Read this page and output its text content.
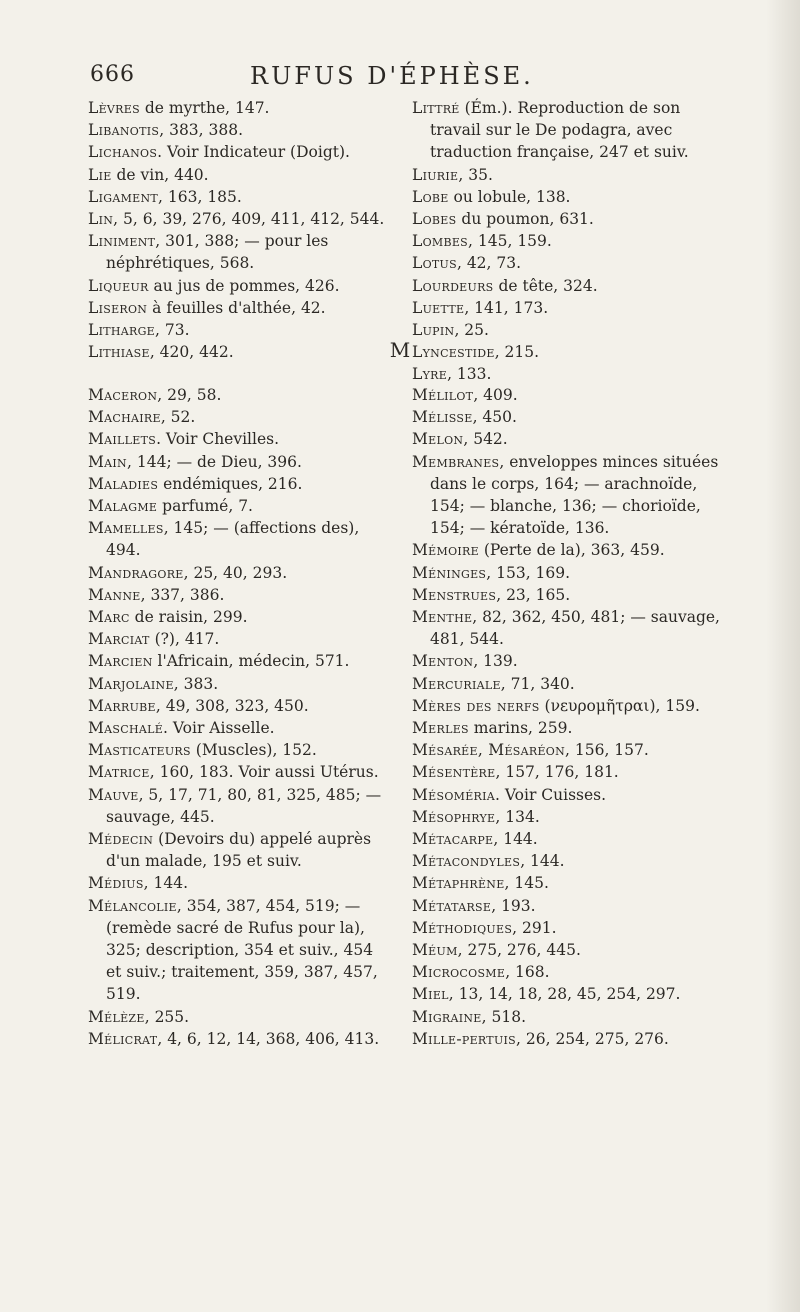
666	RUFUS D'ÉPHÈSE.

Lèvres de myrthe, 147.

Libanotis, 383, 388.

Lichanos. Voir Indicateur (Doigt).

Lie de vin, 440.

Ligament, 163, 185.

Lin, 5, 6, 39, 276, 409, 411, 412, 544.

Liniment, 301, 388; — pour les néphrétiques, 568.

Liqueur au jus de pommes, 426.

Liseron à feuilles d'althée, 42.

Litharge, 73.

Lithiase, 420, 442.

Littré (Ém.). Reproduction de son travail sur le De podagra, avec traduction française, 247 et suiv.

Liurie, 35.

Lobe ou lobule, 138.

Lobes du poumon, 631.

Lombes, 145, 159.

Lotus, 42, 73.

Lourdeurs de tête, 324.

Luette, 141, 173.

Lupin, 25.

Lyncestide, 215.

Lyre, 133.

M

Maceron, 29, 58.

Machaire, 52.

Maillets. Voir Chevilles.

Main, 144; — de Dieu, 396.

Maladies endémiques, 216.

Malagme parfumé, 7.

Mamelles, 145; — (affections des), 494.

Mandragore, 25, 40, 293.

Manne, 337, 386.

Marc de raisin, 299.

Marciat (?), 417.

Marcien l'Africain, médecin, 571.

Marjolaine, 383.

Marrube, 49, 308, 323, 450.

Maschalé. Voir Aisselle.

Masticateurs (Muscles), 152.

Matrice, 160, 183. Voir aussi Utérus.

Mauve, 5, 17, 71, 80, 81, 325, 485; — sauvage, 445.

Médecin (Devoirs du) appelé auprès d'un malade, 195 et suiv.

Médius, 144.

Mélancolie, 354, 387, 454, 519; — (remède sacré de Rufus pour la), 325; description, 354 et suiv., 454 et suiv.; traitement, 359, 387, 457, 519.

Mélèze, 255.

Mélicrat, 4, 6, 12, 14, 368, 406, 413.

Mélilot, 409.

Mélisse, 450.

Melon, 542.

Membranes, enveloppes minces situées dans le corps, 164; — arachnoïde, 154; — blanche, 136; — chorioïde, 154; — kératoïde, 136.

Mémoire (Perte de la), 363, 459.

Méninges, 153, 169.

Menstrues, 23, 165.

Menthe, 82, 362, 450, 481; — sauvage, 481, 544.

Menton, 139.

Mercuriale, 71, 340.

Mères des nerfs (νευρομῆτραι), 159.

Merles marins, 259.

Mésarée, Mésaréon, 156, 157.

Mésentère, 157, 176, 181.

Mésoméria. Voir Cuisses.

Mésophrye, 134.

Métacarpe, 144.

Métacondyles, 144.

Métaphrène, 145.

Métatarse, 193.

Méthodiques, 291.

Méum, 275, 276, 445.

Microcosme, 168.

Miel, 13, 14, 18, 28, 45, 254, 297.

Migraine, 518.

Mille-pertuis, 26, 254, 275, 276.
